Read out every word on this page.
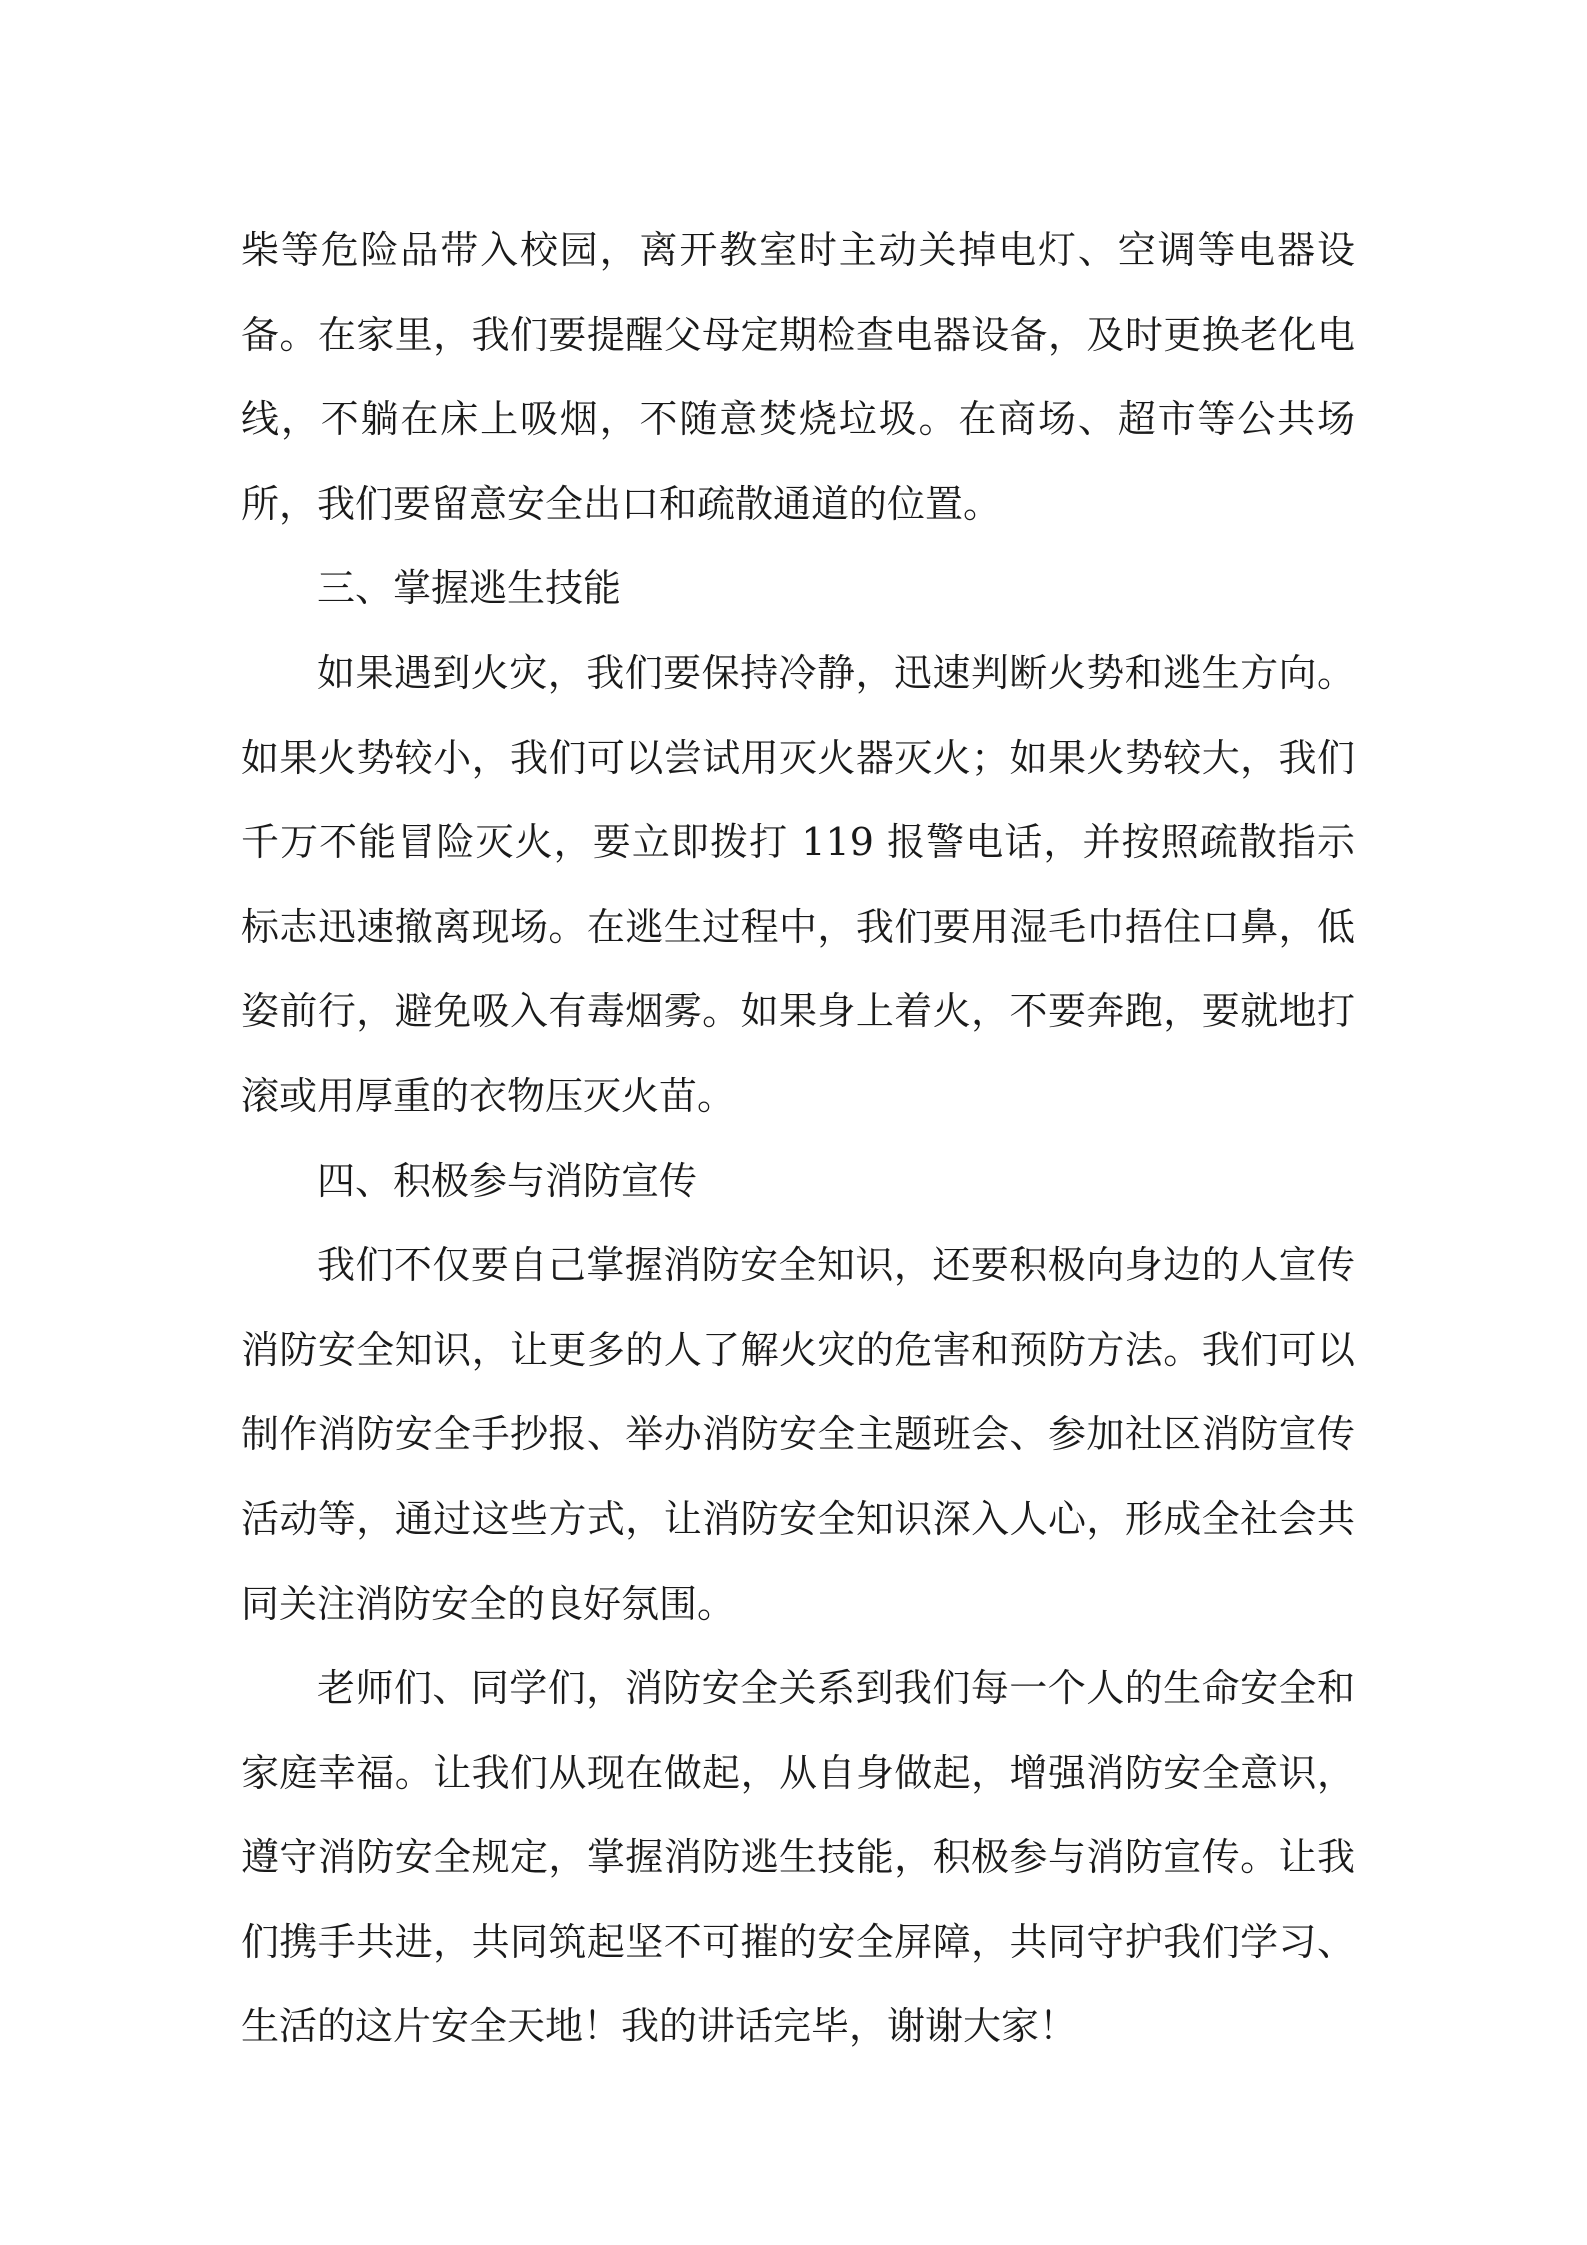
柴等危险品带入校园，离开教室时主动关掉电灯、空调等电器设备。在家里，我们要提醒父母定期检查电器设备，及时更换老化电线，不躺在床上吸烟，不随意焚烧垃圾。在商场、超市等公共场所，我们要留意安全出口和疏散通道的位置。

三、掌握逃生技能

如果遇到火灾，我们要保持冷静，迅速判断火势和逃生方向。如果火势较小，我们可以尝试用灭火器灭火；如果火势较大，我们千万不能冒险灭火，要立即拨打 119 报警电话，并按照疏散指示标志迅速撤离现场。在逃生过程中，我们要用湿毛巾捂住口鼻，低姿前行，避免吸入有毒烟雾。如果身上着火，不要奔跑，要就地打滚或用厚重的衣物压灭火苗。

四、积极参与消防宣传

我们不仅要自己掌握消防安全知识，还要积极向身边的人宣传消防安全知识，让更多的人了解火灾的危害和预防方法。我们可以制作消防安全手抄报、举办消防安全主题班会、参加社区消防宣传活动等，通过这些方式，让消防安全知识深入人心，形成全社会共同关注消防安全的良好氛围。

老师们、同学们，消防安全关系到我们每一个人的生命安全和家庭幸福。让我们从现在做起，从自身做起，增强消防安全意识，遵守消防安全规定，掌握消防逃生技能，积极参与消防宣传。让我们携手共进，共同筑起坚不可摧的安全屏障，共同守护我们学习、生活的这片安全天地！我的讲话完毕，谢谢大家！
